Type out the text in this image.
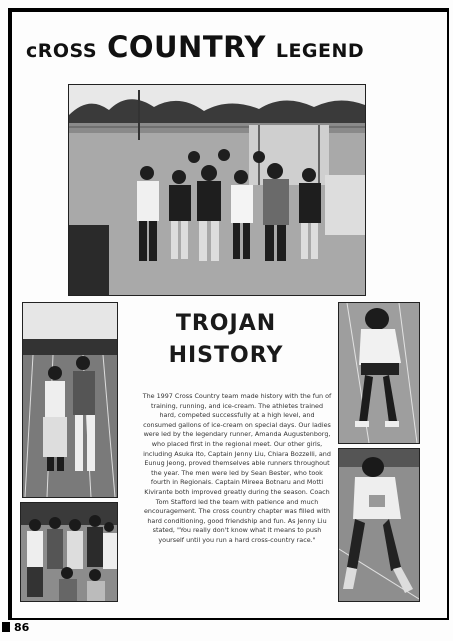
cROSS COUNTRY LEGEND
TROJAN
HISTORY

The 1997 Cross Country team made history with the fun of training, running, and ice-cream. The athletes trained hard, competed successfully at a high level, and consumed gallons of ice-cream on special days. Our ladies were led by the legendary runner, Amanda Augustenborg, who placed first in the regional meet. Our other girls, including Asuka Ito, Captain Jenny Liu, Chiara Bozzelli, and Eunug Jeong, proved themselves able runners throughout the year. The men were led by Sean Bester, who took fourth in Regionals. Captain Mireea Botnaru and Motti Kivirante both improved greatly during the season. Coach Tom Stafford led the team with patience and much encouragement. The cross country chapter was filled with hard conditioning, good friendship and fun. As Jenny Liu stated, "You really don't know what it means to push yourself until you run a hard cross-country race."

86
